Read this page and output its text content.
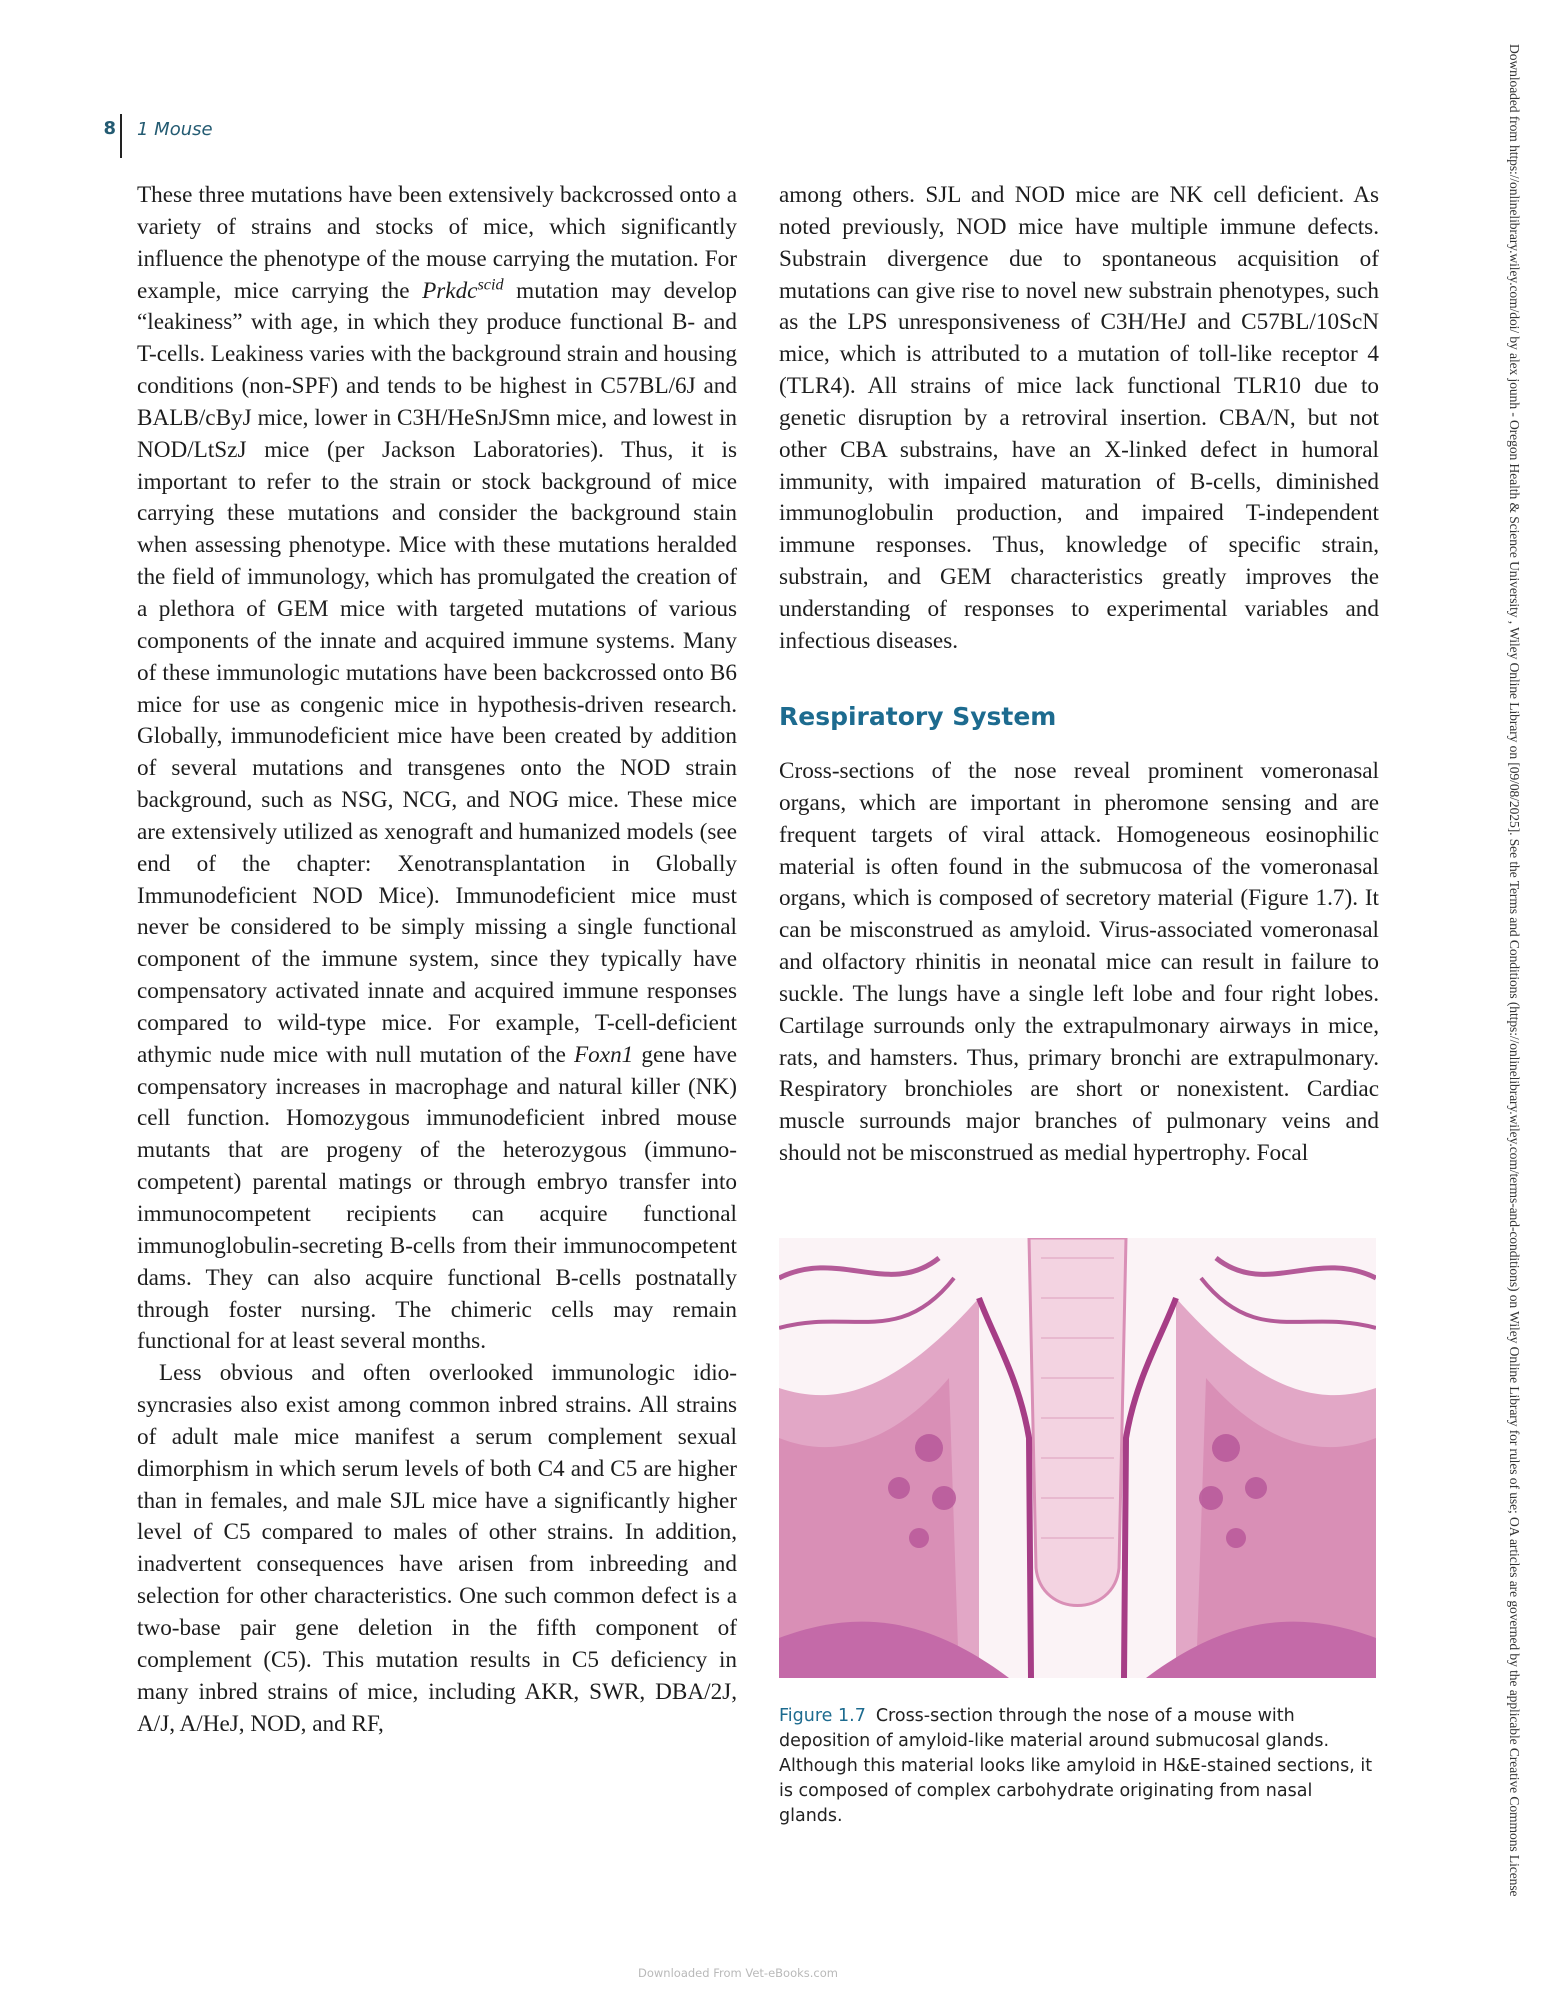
8 1 Mouse

These three mutations have been extensively backcrossed onto a variety of strains and stocks of mice, which significantly influence the phenotype of the mouse carrying the mutation. For example, mice carrying the Prkdc$^{scid}$ mutation may develop “leakiness” with age, in which they produce functional B- and T-cells. Leakiness varies with the background strain and housing conditions (non-SPF) and tends to be highest in C57BL/6J and BALB/cByJ mice, lower in C3H/HeSnJSmn mice, and lowest in NOD/LtSzJ mice (per Jackson Laboratories). Thus, it is important to refer to the strain or stock background of mice carrying these mutations and consider the background stain when assessing phenotype. Mice with these mutations heralded the field of immunology, which has promulgated the creation of a plethora of GEM mice with targeted mutations of various components of the innate and acquired immune systems. Many of these immunologic mutations have been backcrossed onto B6 mice for use as congenic mice in hypothesis-driven research. Globally, immunodeficient mice have been created by addition of several mutations and transgenes onto the NOD strain background, such as NSG, NCG, and NOG mice. These mice are extensively utilized as xenograft and humanized models (see end of the chapter: Xenotransplantation in Globally Immunodeficient NOD Mice). Immunodeficient mice must never be considered to be simply missing a single functional component of the immune system, since they typically have compensatory activated innate and acquired immune responses compared to wild-type mice. For example, T-cell-deficient athymic nude mice with null mutation of the Foxn1 gene have compensatory increases in macrophage and natural killer (NK) cell function. Homozygous immunodeficient inbred mouse mutants that are progeny of the heterozygous (immunocompetent) parental matings or through embryo transfer into immunocompetent recipients can acquire functional immunoglobulin-secreting B-cells from their immunocompetent dams. They can also acquire functional B-cells postnatally through foster nursing. The chimeric cells may remain functional for at least several months.

Less obvious and often overlooked immunologic idiosyncrasies also exist among common inbred strains. All strains of adult male mice manifest a serum complement sexual dimorphism in which serum levels of both C4 and C5 are higher than in females, and male SJL mice have a significantly higher level of C5 compared to males of other strains. In addition, inadvertent consequences have arisen from inbreeding and selection for other characteristics. One such common defect is a two-base pair gene deletion in the fifth component of complement (C5). This mutation results in C5 deficiency in many inbred strains of mice, including AKR, SWR, DBA/2J, A/J, A/HeJ, NOD, and RF,

among others. SJL and NOD mice are NK cell deficient. As noted previously, NOD mice have multiple immune defects. Substrain divergence due to spontaneous acquisition of mutations can give rise to novel new substrain phenotypes, such as the LPS unresponsiveness of C3H/​HeJ and C57BL/10ScN mice, which is attributed to a mutation of toll-like receptor 4 (TLR4). All strains of mice lack functional TLR10 due to genetic disruption by a retroviral insertion. CBA/N, but not other CBA substrains, have an X-linked defect in humoral immunity, with impaired maturation of B-cells, diminished immunoglobulin production, and impaired T-independent immune responses. Thus, knowledge of specific strain, substrain, and GEM characteristics greatly improves the understanding of responses to experimental variables and infectious diseases.

Respiratory System

Cross-sections of the nose reveal prominent vomeronasal organs, which are important in pheromone sensing and are frequent targets of viral attack. Homogeneous eosinophilic material is often found in the submucosa of the vomeronasal organs, which is composed of secretory material (Figure 1.7). It can be misconstrued as amyloid. Virus-associated vomeronasal and olfactory rhinitis in neonatal mice can result in failure to suckle. The lungs have a single left lobe and four right lobes. Cartilage surrounds only the extrapulmonary airways in mice, rats, and hamsters. Thus, primary bronchi are extrapulmonary. Respiratory bronchioles are short or nonexistent. Cardiac muscle surrounds major branches of pulmonary veins and should not be misconstrued as medial hypertrophy. Focal

Figure 1.7 Cross-section through the nose of a mouse with deposition of amyloid-like material around submucosal glands. Although this material looks like amyloid in H&E-stained sections, it is composed of complex carbohydrate originating from nasal glands.	Downloaded from https://onlinelibrary.wiley.com/doi/ by alex jounh - Oregon Health & Science University , Wiley Online Library on [09/08/2025]. See the Terms and Conditions (https://onlinelibrary.wiley.com/terms-and-conditions) on Wiley Online Library for rules of use; OA articles are governed by the applicable Creative Commons License
Downloaded From Vet-eBooks.com
